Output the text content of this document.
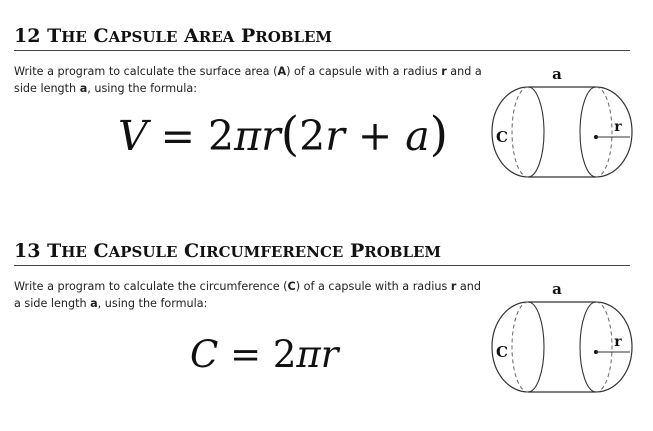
12 THE CAPSULE AREA PROBLEM

Write a program to calculate the surface area (A) of a capsule with a radius r and a side length a, using the formula:

V = 2πr(2r + a)
a
C
r
13 THE CAPSULE CIRCUMFERENCE PROBLEM

Write a program to calculate the circumference (C) of a capsule with a radius r and a side length a, using the formula:

C = 2πr
a
C
r
